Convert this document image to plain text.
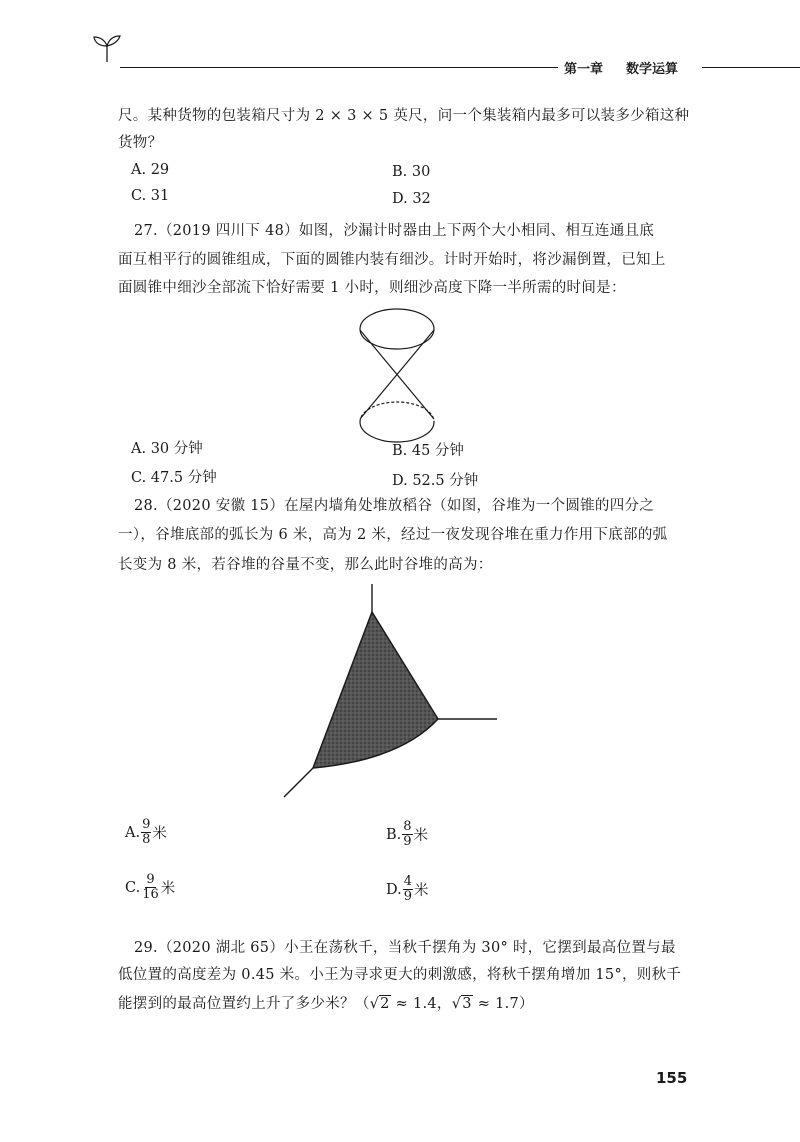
第一章 数学运算
尺。某种货物的包装箱尺寸为 2 × 3 × 5 英尺，问一个集装箱内最多可以装多少箱这种
货物？
A. 29	B. 30
C. 31	D. 32
27.（2019 四川下 48）如图，沙漏计时器由上下两个大小相同、相互连通且底
面互相平行的圆锥组成，下面的圆锥内装有细沙。计时开始时，将沙漏倒置，已知上
面圆锥中细沙全部流下恰好需要 1 小时，则细沙高度下降一半所需的时间是：
A. 30 分钟	B. 45 分钟
C. 47.5 分钟	D. 52.5 分钟
28.（2020 安徽 15）在屋内墙角处堆放稻谷（如图，谷堆为一个圆锥的四分之
一），谷堆底部的弧长为 6 米，高为 2 米，经过一夜发现谷堆在重力作用下底部的弧
长变为 8 米，若谷堆的谷量不变，那么此时谷堆的高为：
A. $\frac{9}{8}$ 米	B. $\frac{8}{9}$ 米
C. $\frac{9}{16}$ 米	D. $\frac{4}{9}$ 米
29.（2020 湖北 65）小王在荡秋千，当秋千摆角为 30° 时，它摆到最高位置与最
低位置的高度差为 0.45 米。小王为寻求更大的刺激感，将秋千摆角增加 15°，则秋千
能摆到的最高位置约上升了多少米？（√2 ≈ 1.4，√3 ≈ 1.7）
155
